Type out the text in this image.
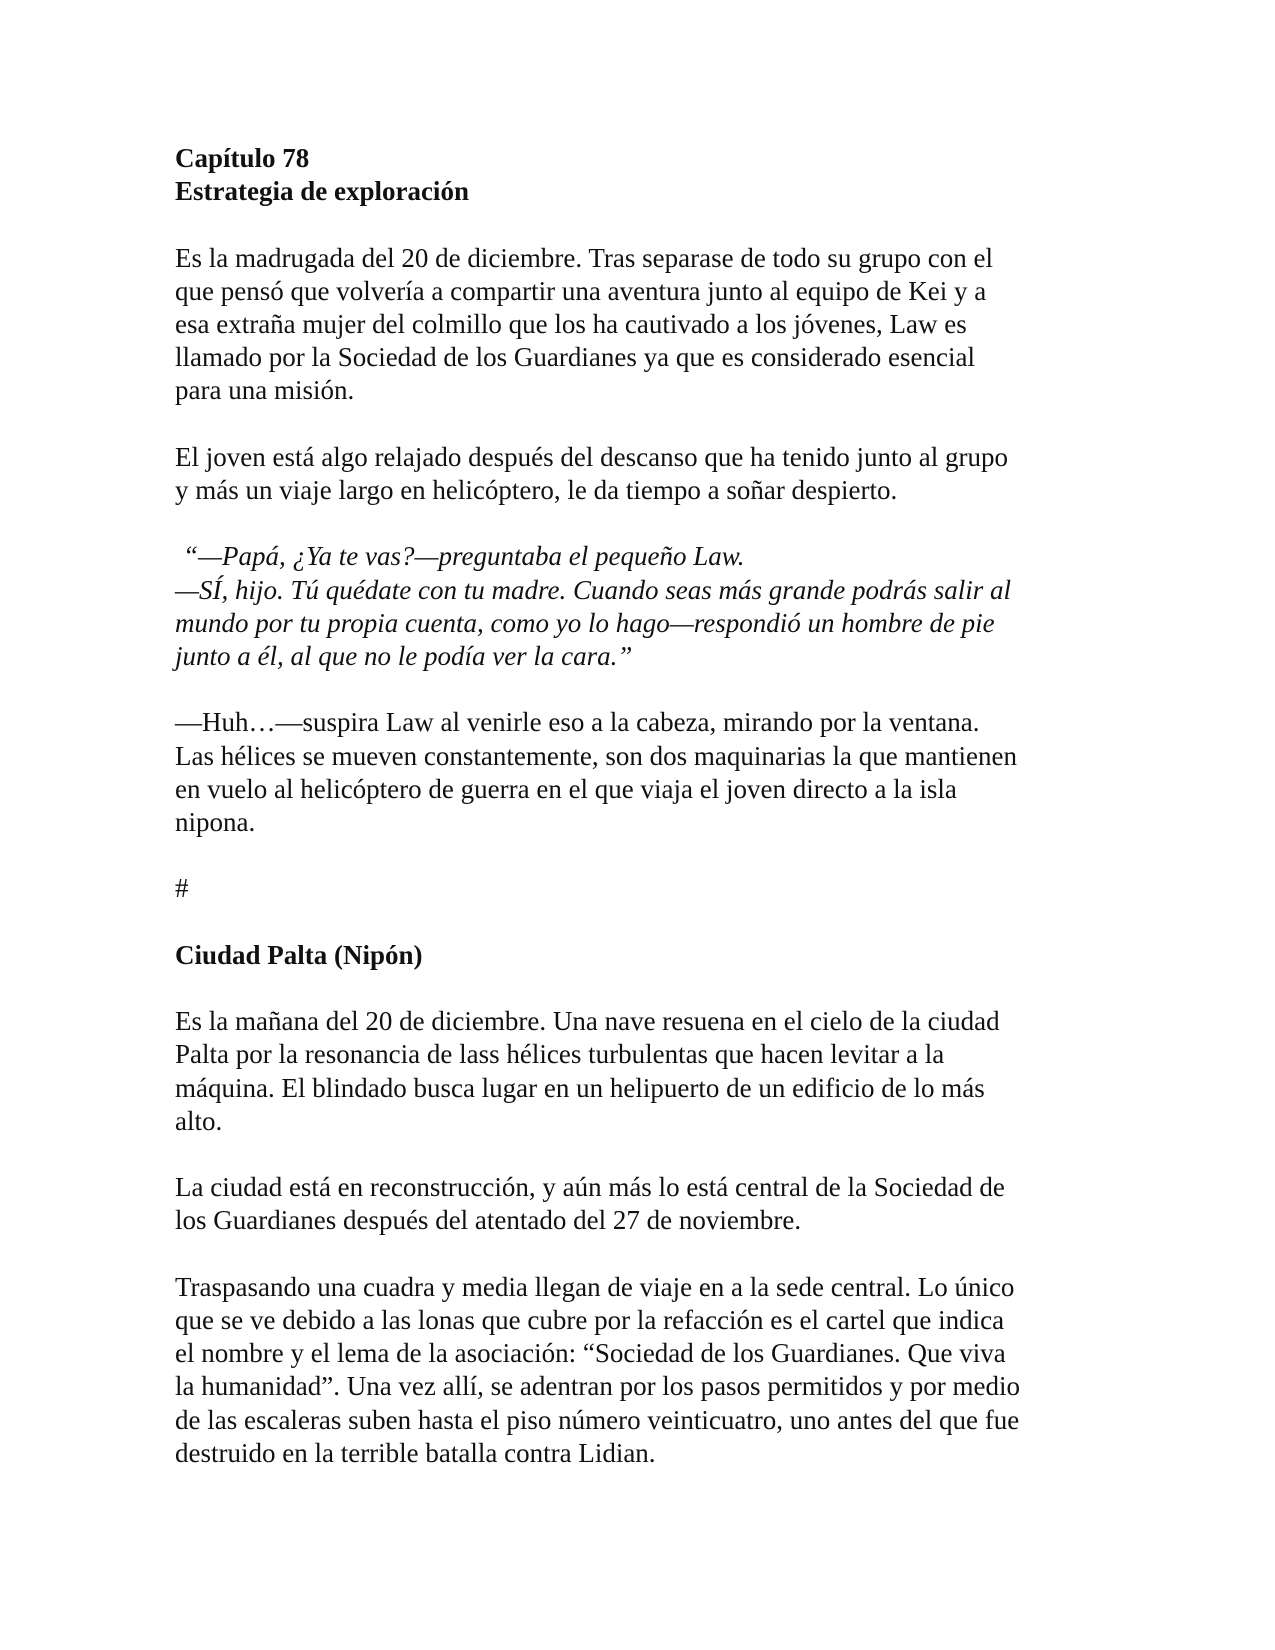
Capítulo 78
Estrategia de exploración

Es la madrugada del 20 de diciembre. Tras separase de todo su grupo con el
que pensó que volvería a compartir una aventura junto al equipo de Kei y a
esa extraña mujer del colmillo que los ha cautivado a los jóvenes, Law es
llamado por la Sociedad de los Guardianes ya que es considerado esencial
para una misión.

El joven está algo relajado después del descanso que ha tenido junto al grupo
y más un viaje largo en helicóptero, le da tiempo a soñar despierto.

“—Papá, ¿Ya te vas?—preguntaba el pequeño Law.
—SÍ, hijo. Tú quédate con tu madre. Cuando seas más grande podrás salir al
mundo por tu propia cuenta, como yo lo hago—respondió un hombre de pie
junto a él, al que no le podía ver la cara.”

—Huh…—suspira Law al venirle eso a la cabeza, mirando por la ventana.
Las hélices se mueven constantemente, son dos maquinarias la que mantienen
en vuelo al helicóptero de guerra en el que viaja el joven directo a la isla
nipona.

#

Ciudad Palta (Nipón)

Es la mañana del 20 de diciembre. Una nave resuena en el cielo de la ciudad
Palta por la resonancia de lass hélices turbulentas que hacen levitar a la
máquina. El blindado busca lugar en un helipuerto de un edificio de lo más
alto.

La ciudad está en reconstrucción, y aún más lo está central de la Sociedad de
los Guardianes después del atentado del 27 de noviembre.

Traspasando una cuadra y media llegan de viaje en a la sede central. Lo único
que se ve debido a las lonas que cubre por la refacción es el cartel que indica
el nombre y el lema de la asociación: “Sociedad de los Guardianes. Que viva
la humanidad”. Una vez allí, se adentran por los pasos permitidos y por medio
de las escaleras suben hasta el piso número veinticuatro, uno antes del que fue
destruido en la terrible batalla contra Lidian.
